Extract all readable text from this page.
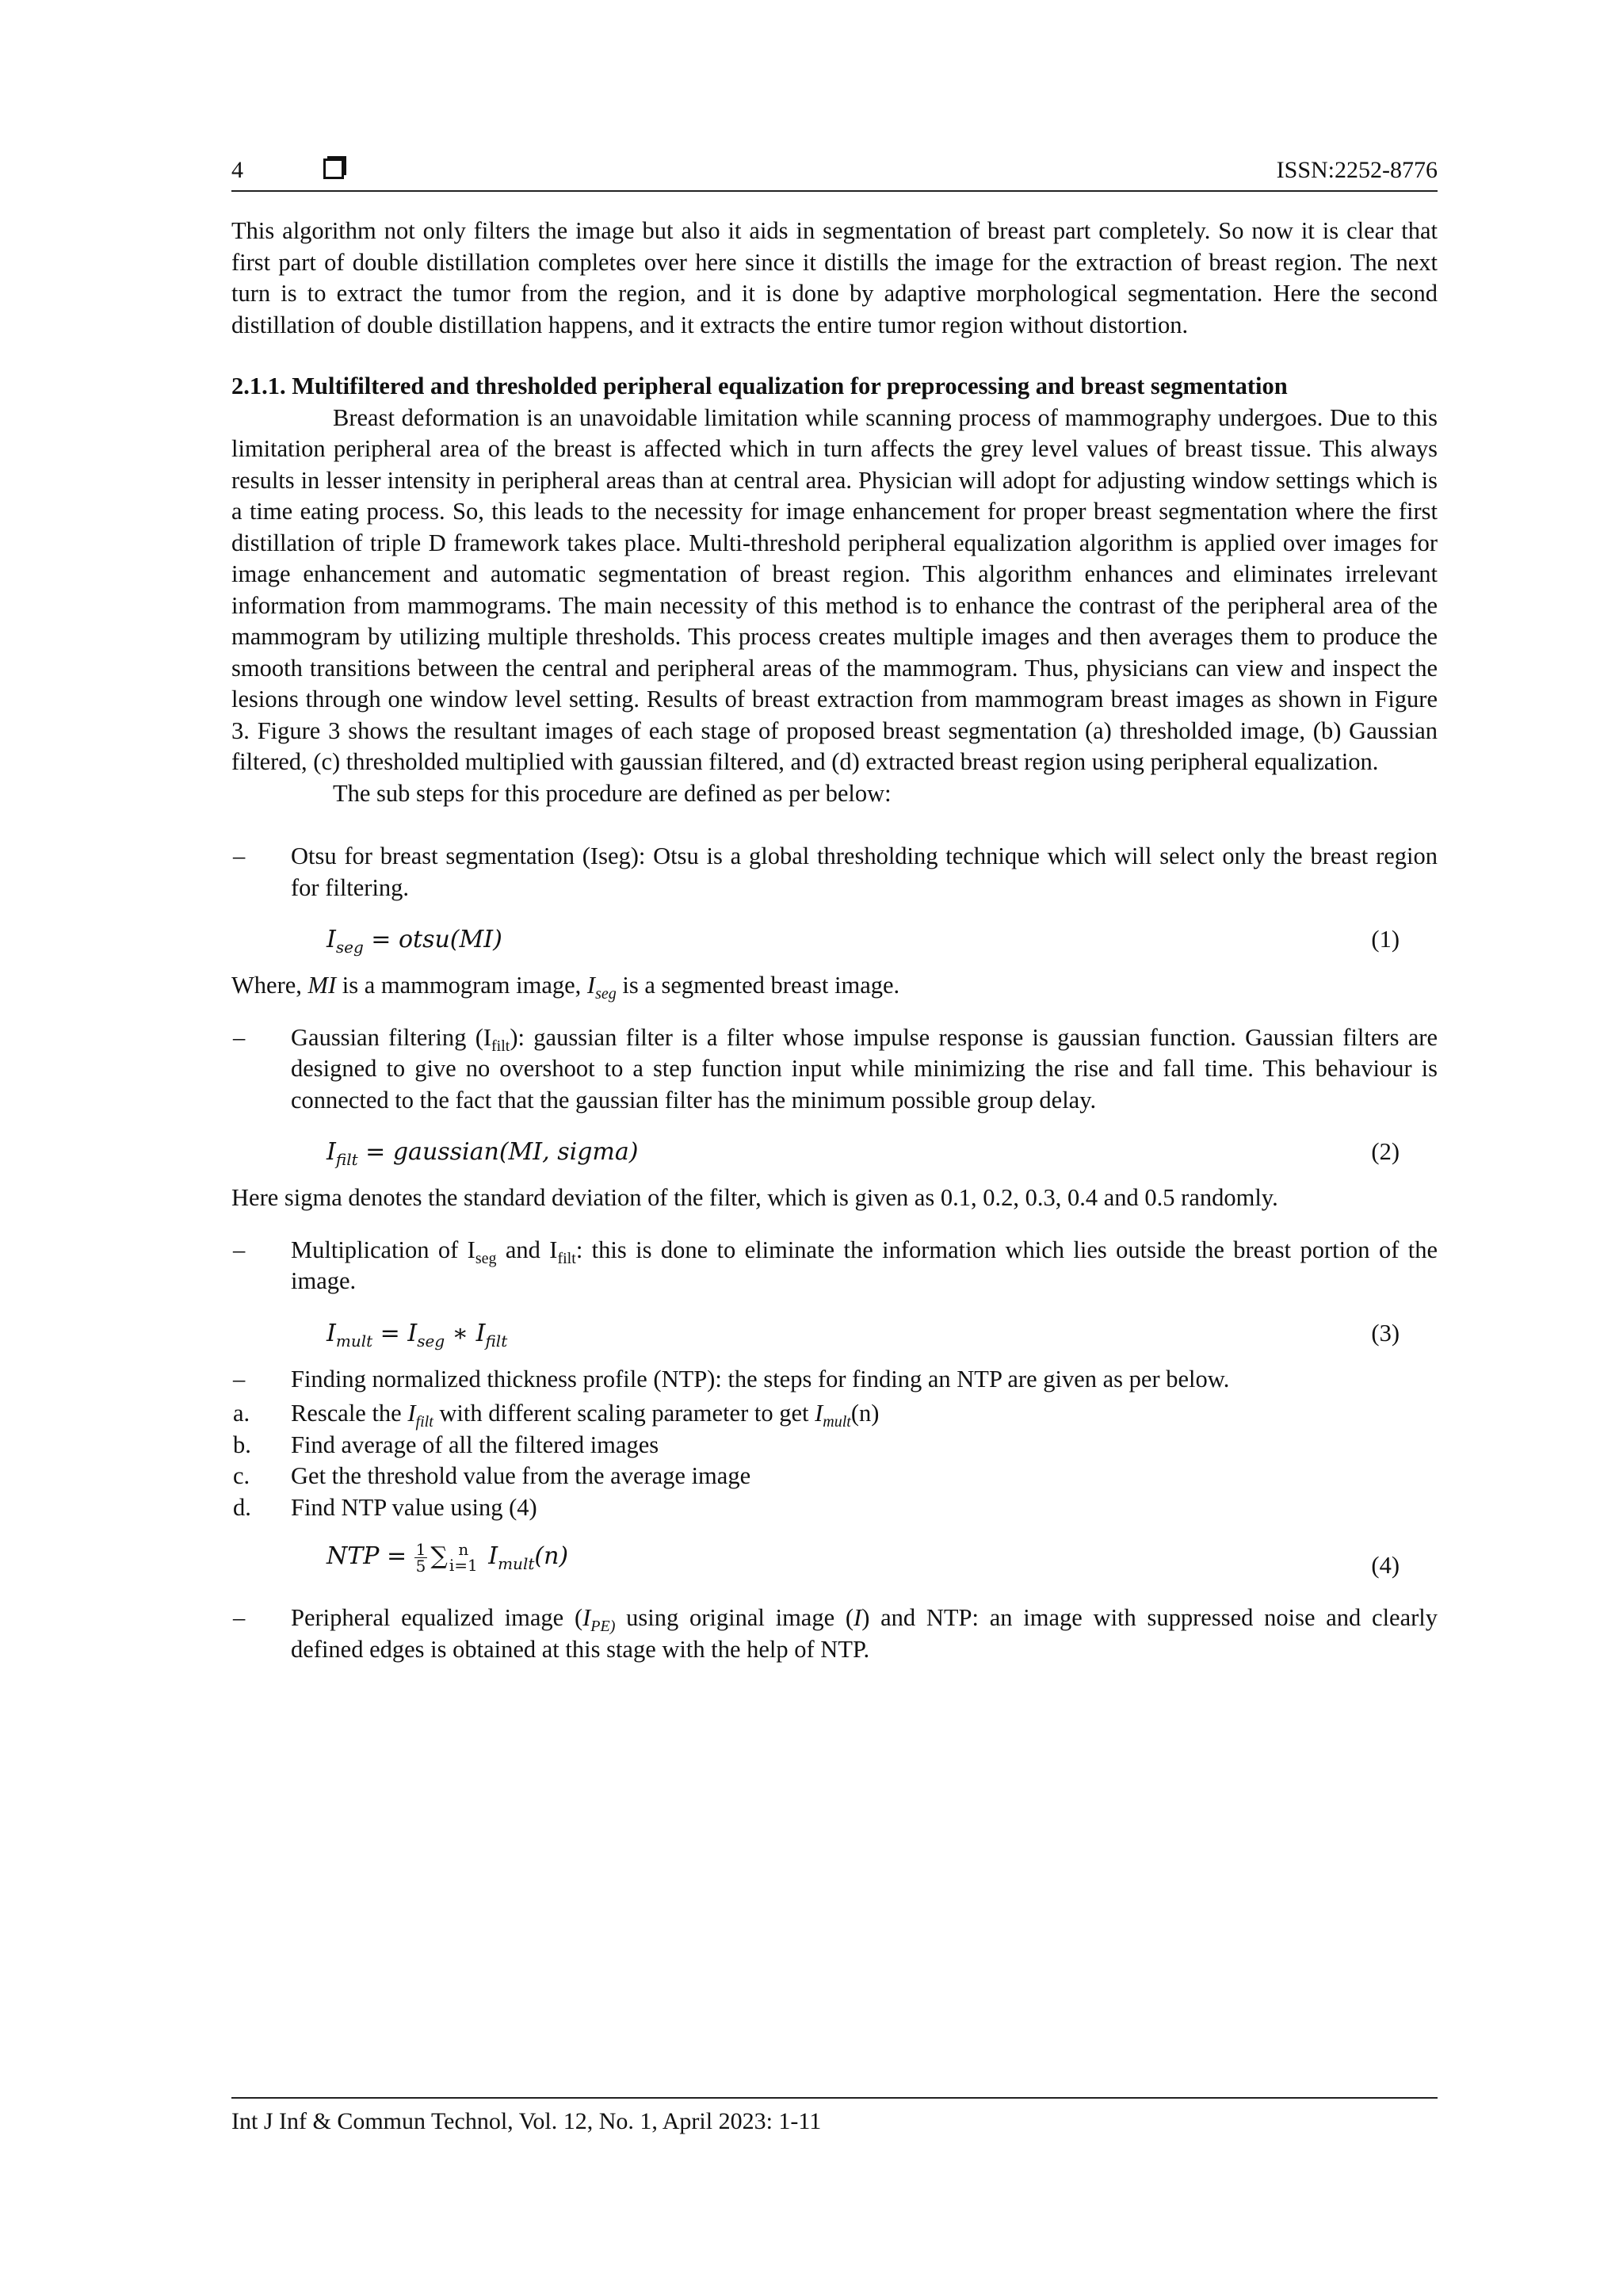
4	ISSN:2252-8776

This algorithm not only filters the image but also it aids in segmentation of breast part completely. So now it is clear that first part of double distillation completes over here since it distills the image for the extraction of breast region. The next turn is to extract the tumor from the region, and it is done by adaptive morphological segmentation. Here the second distillation of double distillation happens, and it extracts the entire tumor region without distortion.

2.1.1. Multifiltered and thresholded peripheral equalization for preprocessing and breast segmentation

Breast deformation is an unavoidable limitation while scanning process of mammography undergoes. Due to this limitation peripheral area of the breast is affected which in turn affects the grey level values of breast tissue. This always results in lesser intensity in peripheral areas than at central area. Physician will adopt for adjusting window settings which is a time eating process. So, this leads to the necessity for image enhancement for proper breast segmentation where the first distillation of triple D framework takes place. Multi-threshold peripheral equalization algorithm is applied over images for image enhancement and automatic segmentation of breast region. This algorithm enhances and eliminates irrelevant information from mammograms. The main necessity of this method is to enhance the contrast of the peripheral area of the mammogram by utilizing multiple thresholds. This process creates multiple images and then averages them to produce the smooth transitions between the central and peripheral areas of the mammogram. Thus, physicians can view and inspect the lesions through one window level setting. Results of breast extraction from mammogram breast images as shown in Figure 3. Figure 3 shows the resultant images of each stage of proposed breast segmentation (a) thresholded image, (b) Gaussian filtered, (c) thresholded multiplied with gaussian filtered, and (d) extracted breast region using peripheral equalization.

The sub steps for this procedure are defined as per below:

– Otsu for breast segmentation (Iseg): Otsu is a global thresholding technique which will select only the breast region for filtering.
$I_{seg}$ = otsu(MI)	(1)

Where, MI is a mammogram image, $I_{seg}$ is a segmented breast image.

– Gaussian filtering $(I_{filt})$: gaussian filter is a filter whose impulse response is gaussian function. Gaussian filters are designed to give no overshoot to a step function input while minimizing the rise and fall time. This behaviour is connected to the fact that the gaussian filter has the minimum possible group delay.
$I_{filt}$ = gaussian(MI, sigma)	(2)

Here sigma denotes the standard deviation of the filter, which is given as 0.1, 0.2, 0.3, 0.4 and 0.5 randomly.

– Multiplication of $I_{seg}$ and $I_{filt}$: this is done to eliminate the information which lies outside the breast portion of the image.
$I_{mult} = I_{seg}$ ∗ $I_{filt}$	(3)
– Finding normalized thickness profile (NTP): the steps for finding an NTP are given as per below.
a. Rescale the $I_{filt}$ with different scaling parameter to get $I_{mult}(n)$
b. Find average of all the filtered images
c. Get the threshold value from the average image
d. Find NTP value using (4)
NTP = $\frac{1}{5}$ ∑ n
i=1 $I_{mult}(n)$	(4)
– Peripheral equalized image ($I_{PE)}$ using original image (I) and NTP: an image with suppressed noise and clearly defined edges is obtained at this stage with the help of NTP.
Int J Inf & Commun Technol, Vol. 12, No. 1, April 2023: 1-11
